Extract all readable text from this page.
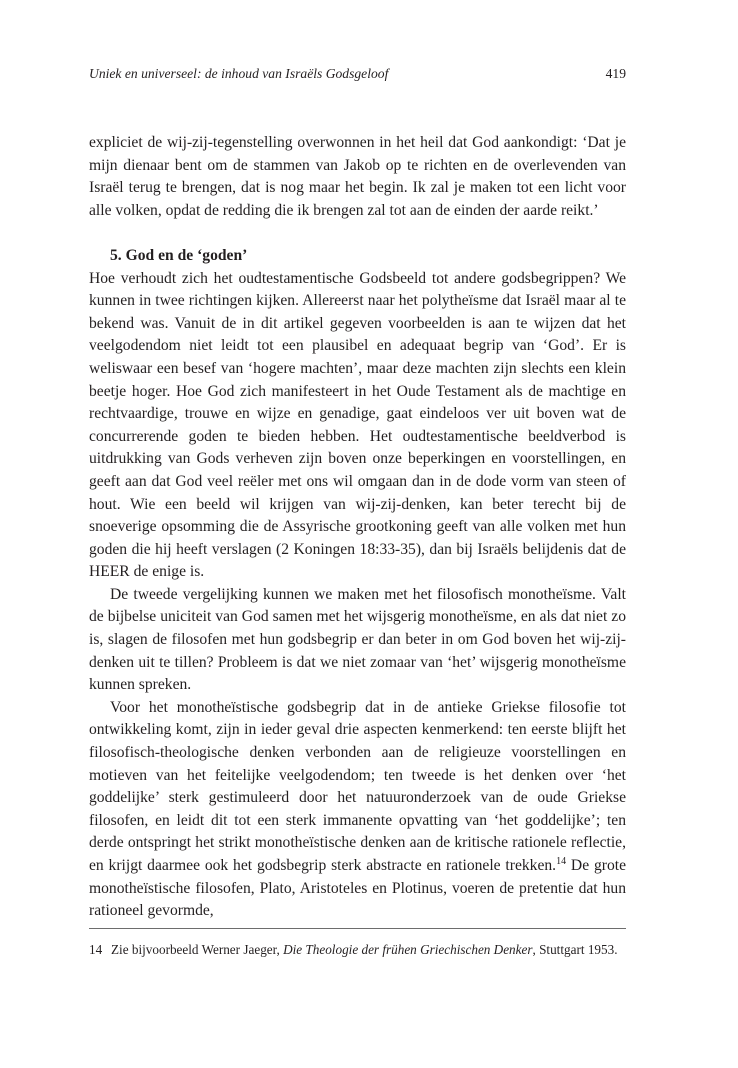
Uniek en universeel: de inhoud van Israëls Godsgeloof	419

expliciet de wij-zij-tegenstelling overwonnen in het heil dat God aankondigt: ‘Dat je mijn dienaar bent om de stammen van Jakob op te richten en de overlevenden van Israël terug te brengen, dat is nog maar het begin. Ik zal je maken tot een licht voor alle volken, opdat de redding die ik brengen zal tot aan de einden der aarde reikt.’

5. God en de ‘goden’

Hoe verhoudt zich het oudtestamentische Godsbeeld tot andere godsbegrippen? We kunnen in twee richtingen kijken. Allereerst naar het polytheïsme dat Israël maar al te bekend was. Vanuit de in dit artikel gegeven voorbeelden is aan te wijzen dat het veelgodendom niet leidt tot een plausibel en adequaat begrip van ‘God’. Er is weliswaar een besef van ‘hogere machten’, maar deze machten zijn slechts een klein beetje hoger. Hoe God zich manifesteert in het Oude Testament als de machtige en rechtvaardige, trouwe en wijze en genadige, gaat eindeloos ver uit boven wat de concurrerende goden te bieden hebben. Het oudtestamentische beeldverbod is uitdrukking van Gods verheven zijn boven onze beperkingen en voorstellingen, en geeft aan dat God veel reëler met ons wil omgaan dan in de dode vorm van steen of hout. Wie een beeld wil krijgen van wij-zij-denken, kan beter terecht bij de snoeverige opsomming die de Assyrische grootkoning geeft van alle volken met hun goden die hij heeft verslagen (2 Koningen 18:33-35), dan bij Israëls belijdenis dat de HEER de enige is.

De tweede vergelijking kunnen we maken met het filosofisch monotheïsme. Valt de bijbelse uniciteit van God samen met het wijsgerig monotheïsme, en als dat niet zo is, slagen de filosofen met hun godsbegrip er dan beter in om God boven het wij-zij-denken uit te tillen? Probleem is dat we niet zomaar van ‘het’ wijsgerig monotheïsme kunnen spreken.

Voor het monotheïstische godsbegrip dat in de antieke Griekse filosofie tot ontwikkeling komt, zijn in ieder geval drie aspecten kenmerkend: ten eerste blijft het filosofisch-theologische denken verbonden aan de religieuze voorstellingen en motieven van het feitelijke veelgodendom; ten tweede is het denken over ‘het goddelijke’ sterk gestimuleerd door het natuuronderzoek van de oude Griekse filosofen, en leidt dit tot een sterk immanente opvatting van ‘het goddelijke’; ten derde ontspringt het strikt monotheïstische denken aan de kritische rationele reflectie, en krijgt daarmee ook het godsbegrip sterk abstracte en rationele trekken.$^{14}$ De grote monotheïstische filosofen, Plato, Aristoteles en Plotinus, voeren de pretentie dat hun rationeel gevormde,

14 Zie bijvoorbeeld Werner Jaeger, Die Theologie der frühen Griechischen Denker, Stuttgart 1953.
